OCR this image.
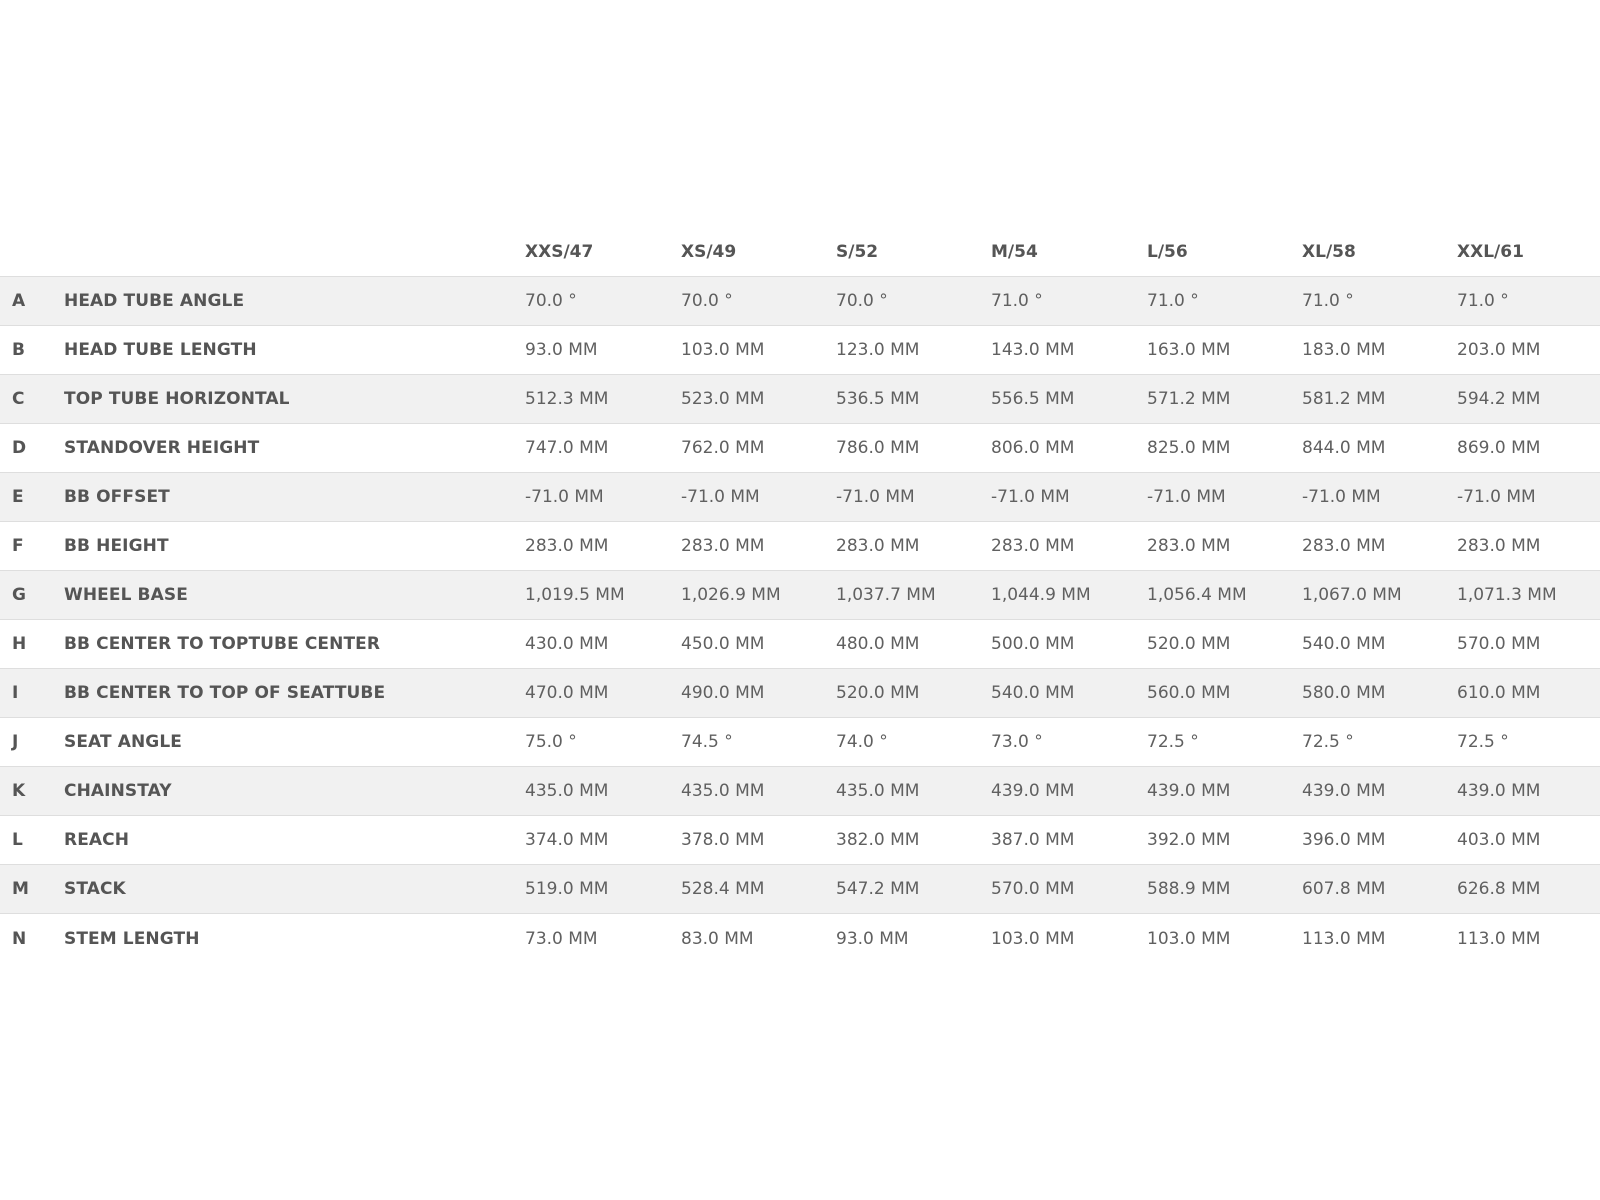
XXS/47	XS/49	S/52	M/54	L/56	XL/58	XXL/61
A HEAD TUBE ANGLE	70.0 °	70.0 °	70.0 °	71.0 °	71.0 °	71.0 °	71.0 °
B HEAD TUBE LENGTH	93.0 MM	103.0 MM	123.0 MM	143.0 MM	163.0 MM	183.0 MM	203.0 MM
C TOP TUBE HORIZONTAL	512.3 MM	523.0 MM	536.5 MM	556.5 MM	571.2 MM	581.2 MM	594.2 MM
D STANDOVER HEIGHT	747.0 MM	762.0 MM	786.0 MM	806.0 MM	825.0 MM	844.0 MM	869.0 MM
E BB OFFSET	-71.0 MM	-71.0 MM	-71.0 MM	-71.0 MM	-71.0 MM	-71.0 MM	-71.0 MM
F BB HEIGHT	283.0 MM	283.0 MM	283.0 MM	283.0 MM	283.0 MM	283.0 MM	283.0 MM
G WHEEL BASE	1,019.5 MM	1,026.9 MM	1,037.7 MM	1,044.9 MM	1,056.4 MM	1,067.0 MM	1,071.3 MM
H BB CENTER TO TOPTUBE CENTER	430.0 MM	450.0 MM	480.0 MM	500.0 MM	520.0 MM	540.0 MM	570.0 MM
I	BB CENTER TO TOP OF SEATTUBE	470.0 MM	490.0 MM	520.0 MM	540.0 MM	560.0 MM	580.0 MM	610.0 MM
J	SEAT ANGLE	75.0 °	74.5 °	74.0 °	73.0 °	72.5 °	72.5 °	72.5 °
K CHAINSTAY	435.0 MM	435.0 MM	435.0 MM	439.0 MM	439.0 MM	439.0 MM	439.0 MM
L REACH	374.0 MM	378.0 MM	382.0 MM	387.0 MM	392.0 MM	396.0 MM	403.0 MM
M STACK	519.0 MM	528.4 MM	547.2 MM	570.0 MM	588.9 MM	607.8 MM	626.8 MM
N STEM LENGTH	73.0 MM	83.0 MM	93.0 MM	103.0 MM	103.0 MM	113.0 MM	113.0 MM
